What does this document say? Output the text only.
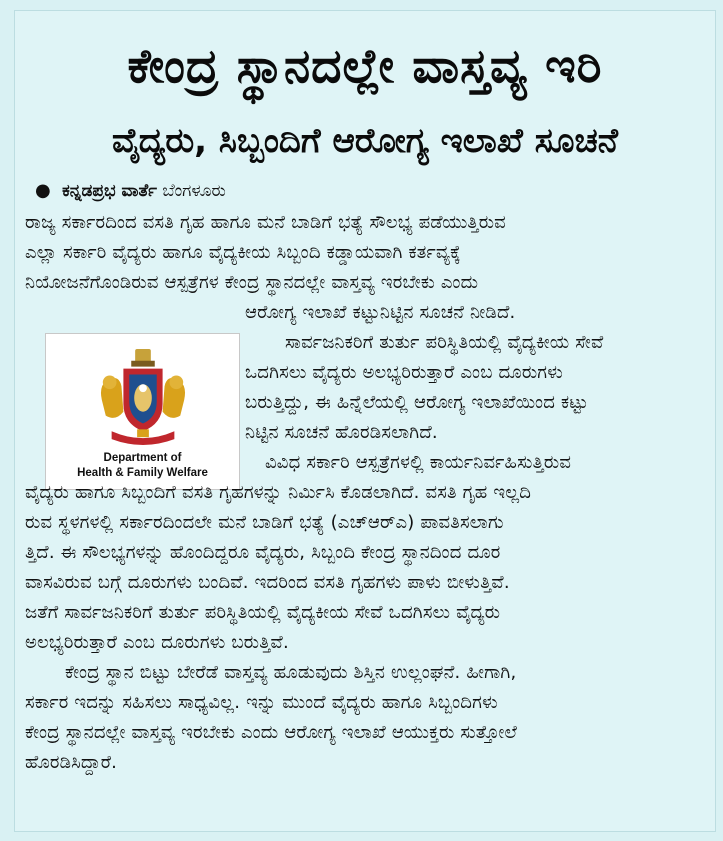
ಕೇಂದ್ರ ಸ್ಥಾನದಲ್ಲೇ ವಾಸ್ತವ್ಯ ಇರಿ
ವೈದ್ಯರು, ಸಿಬ್ಬಂದಿಗೆ ಆರೋಗ್ಯ ಇಲಾಖೆ ಸೂಚನೆ
● ಕನ್ನಡಪ್ರಭ ವಾರ್ತೆ ಬೆಂಗಳೂರು
Department of
Health & Family Welfare
ರಾಜ್ಯ ಸರ್ಕಾರದಿಂದ ವಸತಿ ಗೃಹ ಹಾಗೂ ಮನೆ ಬಾಡಿಗೆ ಭತ್ಯೆ ಸೌಲಭ್ಯ ಪಡೆಯುತ್ತಿರುವ
ಎಲ್ಲಾ ಸರ್ಕಾರಿ ವೈದ್ಯರು ಹಾಗೂ ವೈದ್ಯಕೀಯ ಸಿಬ್ಬಂದಿ ಕಡ್ಡಾಯವಾಗಿ ಕರ್ತವ್ಯಕ್ಕೆ
ನಿಯೋಜನೆಗೊಂಡಿರುವ ಆಸ್ಪತ್ರೆಗಳ ಕೇಂದ್ರ ಸ್ಥಾನದಲ್ಲೇ ವಾಸ್ತವ್ಯ ಇರಬೇಕು ಎಂದು
ಆರೋಗ್ಯ ಇಲಾಖೆ ಕಟ್ಟುನಿಟ್ಟಿನ ಸೂಚನೆ ನೀಡಿದೆ.
ಸಾರ್ವಜನಿಕರಿಗೆ ತುರ್ತು ಪರಿಸ್ಥಿತಿಯಲ್ಲಿ ವೈದ್ಯಕೀಯ ಸೇವೆ
ಒದಗಿಸಲು ವೈದ್ಯರು ಅಲಭ್ಯರಿರುತ್ತಾರೆ ಎಂಬ ದೂರುಗಳು
ಬರುತ್ತಿದ್ದು, ಈ ಹಿನ್ನೆಲೆಯಲ್ಲಿ ಆರೋಗ್ಯ ಇಲಾಖೆಯಿಂದ ಕಟ್ಟು
ನಿಟ್ಟಿನ ಸೂಚನೆ ಹೊರಡಿಸಲಾಗಿದೆ.
ವಿವಿಧ ಸರ್ಕಾರಿ ಆಸ್ಪತ್ರೆಗಳಲ್ಲಿ ಕಾರ್ಯನಿರ್ವಹಿಸುತ್ತಿರುವ
ವೈದ್ಯರು ಹಾಗೂ ಸಿಬ್ಬಂದಿಗೆ ವಸತಿ ಗೃಹಗಳನ್ನು ನಿರ್ಮಿಸಿ ಕೊಡಲಾಗಿದೆ. ವಸತಿ ಗೃಹ ಇಲ್ಲದಿ
ರುವ ಸ್ಥಳಗಳಲ್ಲಿ ಸರ್ಕಾರದಿಂದಲೇ ಮನೆ ಬಾಡಿಗೆ ಭತ್ಯೆ (ಎಚ್‌ಆರ್‌ಎ) ಪಾವತಿಸಲಾಗು
ತ್ತಿದೆ. ಈ ಸೌಲಭ್ಯಗಳನ್ನು ಹೊಂದಿದ್ದರೂ ವೈದ್ಯರು, ಸಿಬ್ಬಂದಿ ಕೇಂದ್ರ ಸ್ಥಾನದಿಂದ ದೂರ
ವಾಸವಿರುವ ಬಗ್ಗೆ ದೂರುಗಳು ಬಂದಿವೆ. ಇದರಿಂದ ವಸತಿ ಗೃಹಗಳು ಪಾಳು ಬೀಳುತ್ತಿವೆ.
ಜತೆಗೆ ಸಾರ್ವಜನಿಕರಿಗೆ ತುರ್ತು ಪರಿಸ್ಥಿತಿಯಲ್ಲಿ ವೈದ್ಯಕೀಯ ಸೇವೆ ಒದಗಿಸಲು ವೈದ್ಯರು
ಅಲಭ್ಯರಿರುತ್ತಾರೆ ಎಂಬ ದೂರುಗಳು ಬರುತ್ತಿವೆ.
ಕೇಂದ್ರ ಸ್ಥಾನ ಬಿಟ್ಟು ಬೇರೆಡೆ ವಾಸ್ತವ್ಯ ಹೂಡುವುದು ಶಿಸ್ತಿನ ಉಲ್ಲಂಘನೆ. ಹೀಗಾಗಿ,
ಸರ್ಕಾರ ಇದನ್ನು ಸಹಿಸಲು ಸಾಧ್ಯವಿಲ್ಲ. ಇನ್ನು ಮುಂದೆ ವೈದ್ಯರು ಹಾಗೂ ಸಿಬ್ಬಂದಿಗಳು
ಕೇಂದ್ರ ಸ್ಥಾನದಲ್ಲೇ ವಾಸ್ತವ್ಯ ಇರಬೇಕು ಎಂದು ಆರೋಗ್ಯ ಇಲಾಖೆ ಆಯುಕ್ತರು ಸುತ್ತೋಲೆ
ಹೊರಡಿಸಿದ್ದಾರೆ.
